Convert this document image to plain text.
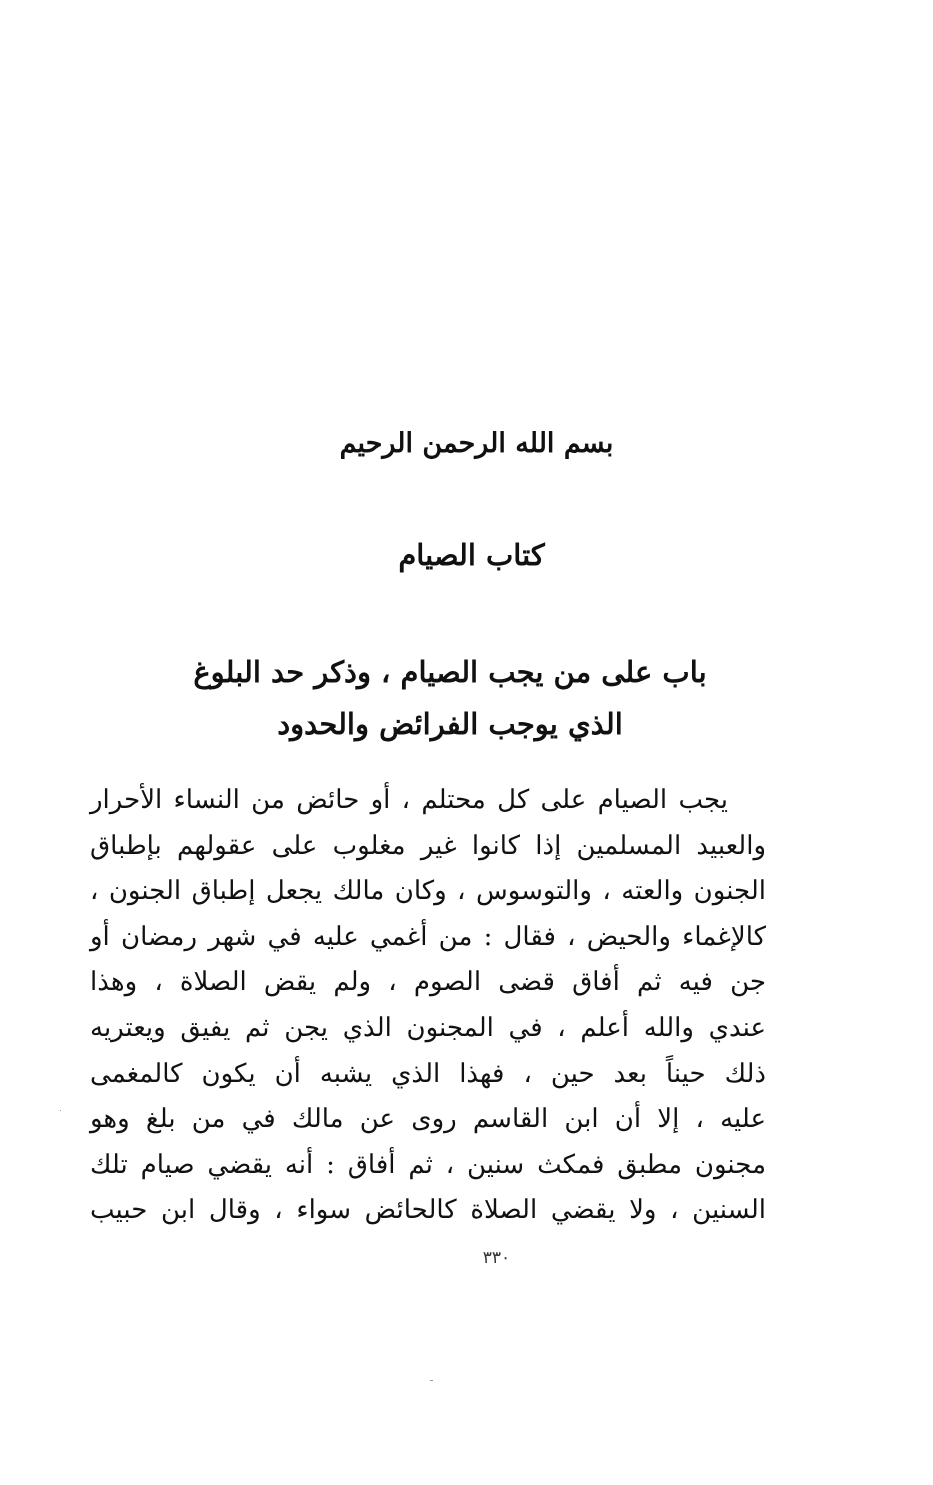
بسم الله الرحمن الرحيم
كتاب الصيام
باب على من يجب الصيام ، وذكر حد البلوغ
الذي يوجب الفرائض والحدود
يجب الصيام على كل محتلم ، أو حائض من النساء الأحرار
والعبيد المسلمين إذا كانوا غير مغلوب على عقولهم بإطباق
الجنون والعته ، والتوسوس ، وكان مالك يجعل إطباق الجنون ،
كالإغماء والحيض ، فقال : من أغمي عليه في شهر رمضان أو
جن فيه ثم أفاق قضى الصوم ، ولم يقض الصلاة ، وهذا
عندي والله أعلم ، في المجنون الذي يجن ثم يفيق ويعتريه
ذلك حيناً بعد حين ، فهذا الذي يشبه أن يكون كالمغمى
عليه ، إلا أن ابن القاسم روى عن مالك في من بلغ وهو
مجنون مطبق فمكث سنين ، ثم أفاق : أنه يقضي صيام تلك
السنين ، ولا يقضي الصلاة كالحائض سواء ، وقال ابن حبيب
٣٣٠
